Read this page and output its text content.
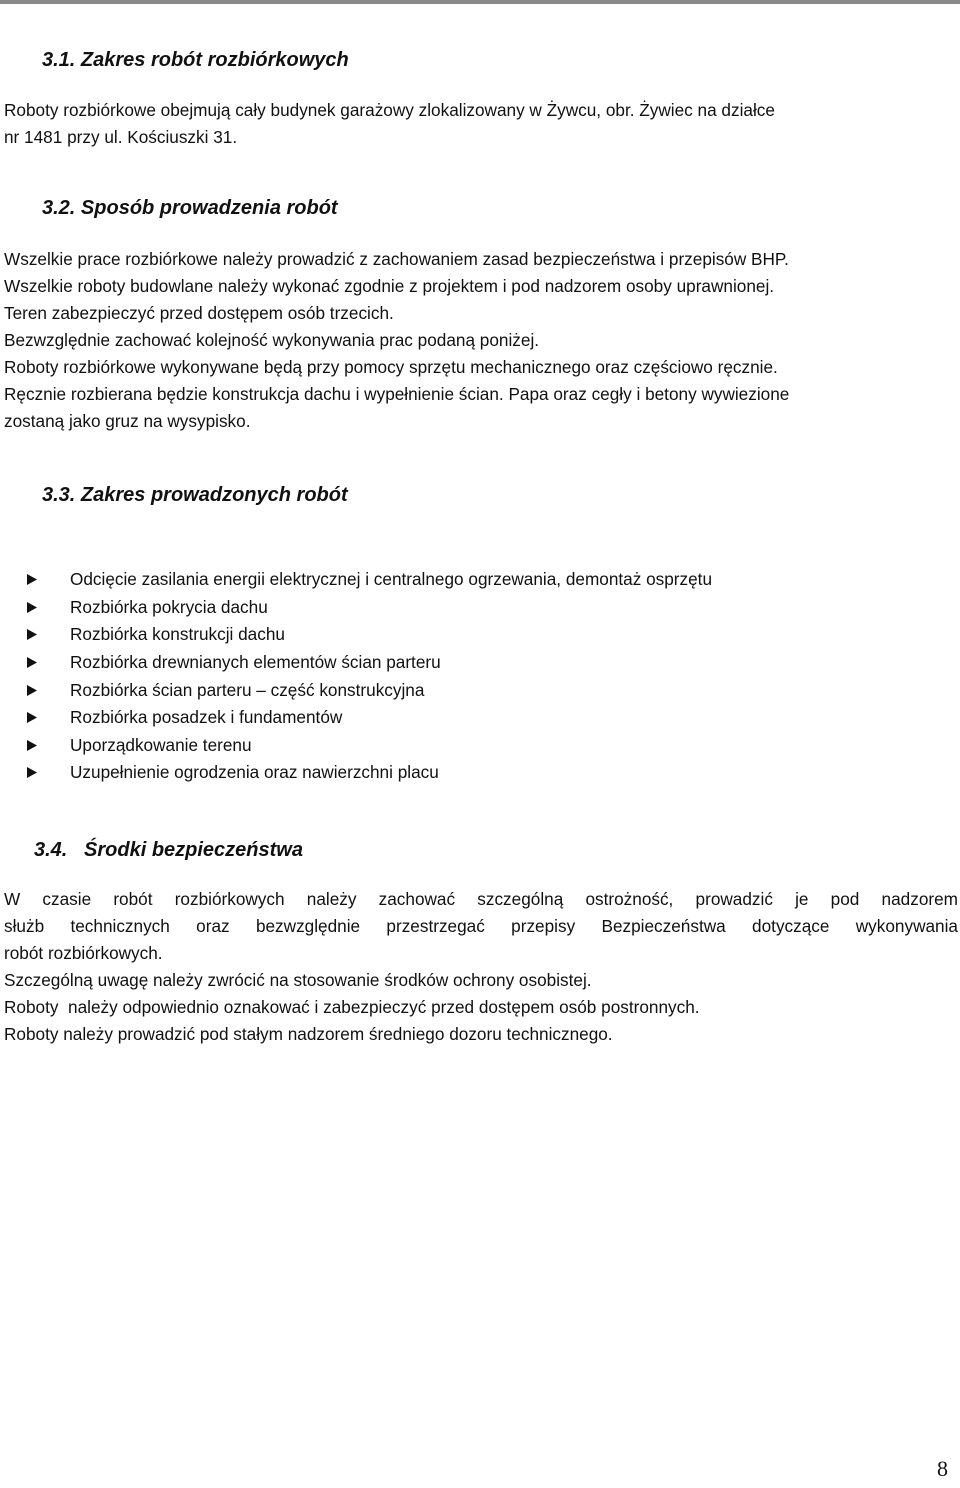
3.1. Zakres robót rozbiórkowych
Roboty rozbiórkowe obejmują cały budynek garażowy zlokalizowany w Żywcu, obr. Żywiec na działce
nr 1481 przy ul. Kościuszki 31.
3.2. Sposób prowadzenia robót
Wszelkie prace rozbiórkowe należy prowadzić z zachowaniem zasad bezpieczeństwa i przepisów BHP.
Wszelkie roboty budowlane należy wykonać zgodnie z projektem i pod nadzorem osoby uprawnionej.
Teren zabezpieczyć przed dostępem osób trzecich.
Bezwzględnie zachować kolejność wykonywania prac podaną poniżej.
Roboty rozbiórkowe wykonywane będą przy pomocy sprzętu mechanicznego oraz częściowo ręcznie.
Ręcznie rozbierana będzie konstrukcja dachu i wypełnienie ścian. Papa oraz cegły i betony wywiezione
zostaną jako gruz na wysypisko.
3.3. Zakres prowadzonych robót
Odcięcie zasilania energii elektrycznej i centralnego ogrzewania, demontaż osprzętu
Rozbiórka pokrycia dachu
Rozbiórka konstrukcji dachu
Rozbiórka drewnianych elementów ścian parteru
Rozbiórka ścian parteru – część konstrukcyjna
Rozbiórka posadzek i fundamentów
Uporządkowanie terenu
Uzupełnienie ogrodzenia oraz nawierzchni placu
3.4.   Środki bezpieczeństwa
W czasie robót rozbiórkowych należy zachować szczególną ostrożność, prowadzić je pod nadzorem
służb technicznych oraz bezwzględnie przestrzegać przepisy Bezpieczeństwa dotyczące wykonywania
robót rozbiórkowych.
Szczególną uwagę należy zwrócić na stosowanie środków ochrony osobistej.
Roboty  należy odpowiednio oznakować i zabezpieczyć przed dostępem osób postronnych.
Roboty należy prowadzić pod stałym nadzorem średniego dozoru technicznego.
8
